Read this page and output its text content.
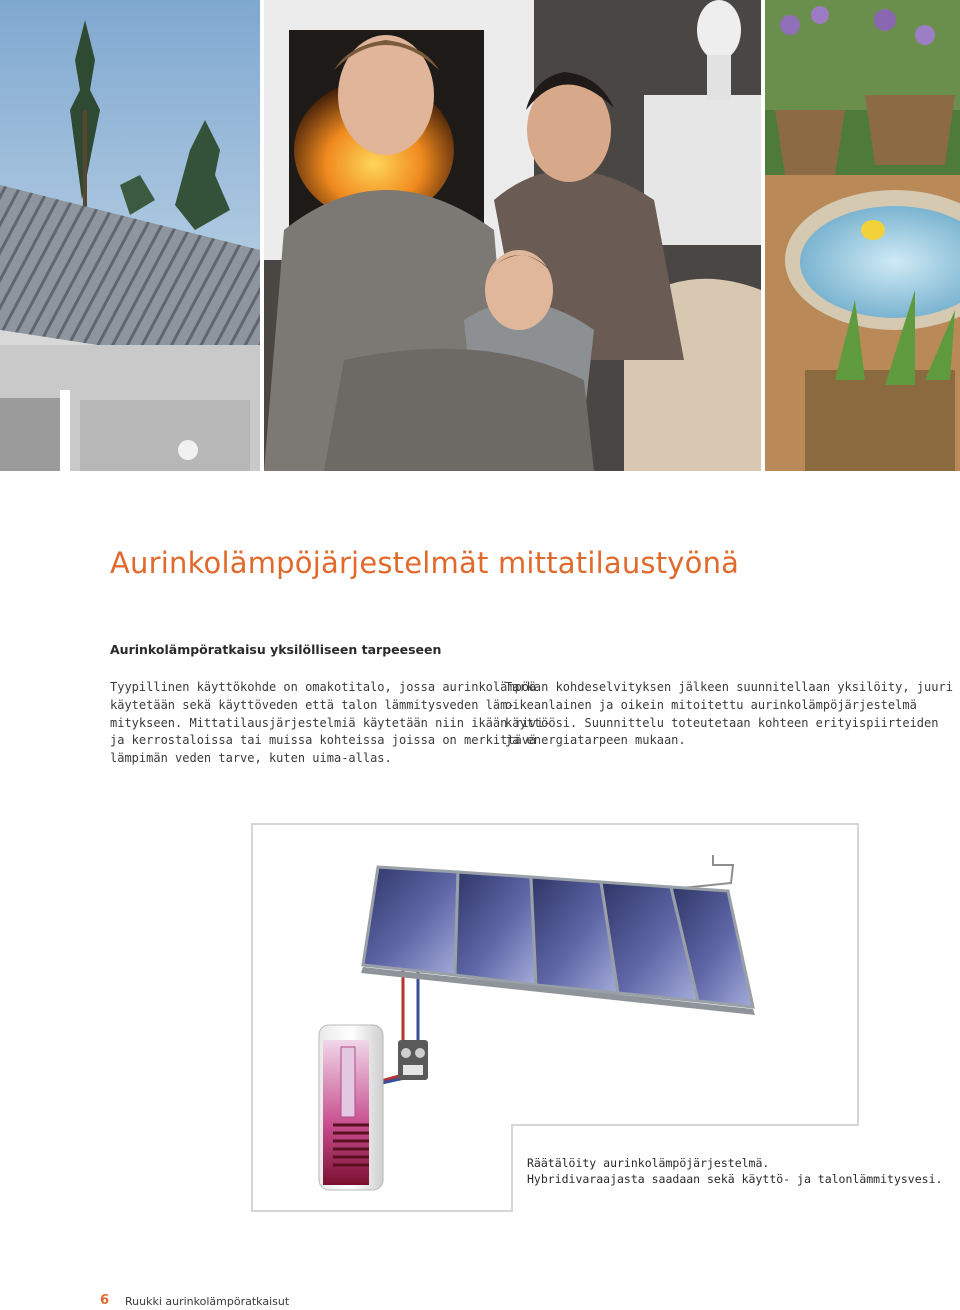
Aurinkolämpöjärjestelmät mittatilaustyönä
Aurinkolämpöratkaisu yksilölliseen tarpeeseen

Tyypillinen käyttökohde on omakotitalo, jossa aurinkolämpöä
käytetään sekä käyttöveden että talon lämmitysveden läm-
mitykseen. Mittatilausjärjestelmiä käytetään niin ikään rivi-
ja kerrostaloissa tai muissa kohteissa joissa on merkittävä
lämpimän veden tarve, kuten uima-allas.

Tarkan kohdeselvityksen jälkeen suunnitellaan yksilöity, juuri
oikeanlainen ja oikein mitoitettu aurinkolämpöjärjestelmä
käyttöösi. Suunnittelu toteutetaan kohteen erityispiirteiden
ja energiatarpeen mukaan.

Räätälöity aurinkolämpöjärjestelmä.
Hybridivaraajasta saadaan sekä käyttö- ja talonlämmitysvesi.
6 Ruukki aurinkolämpöratkaisut
